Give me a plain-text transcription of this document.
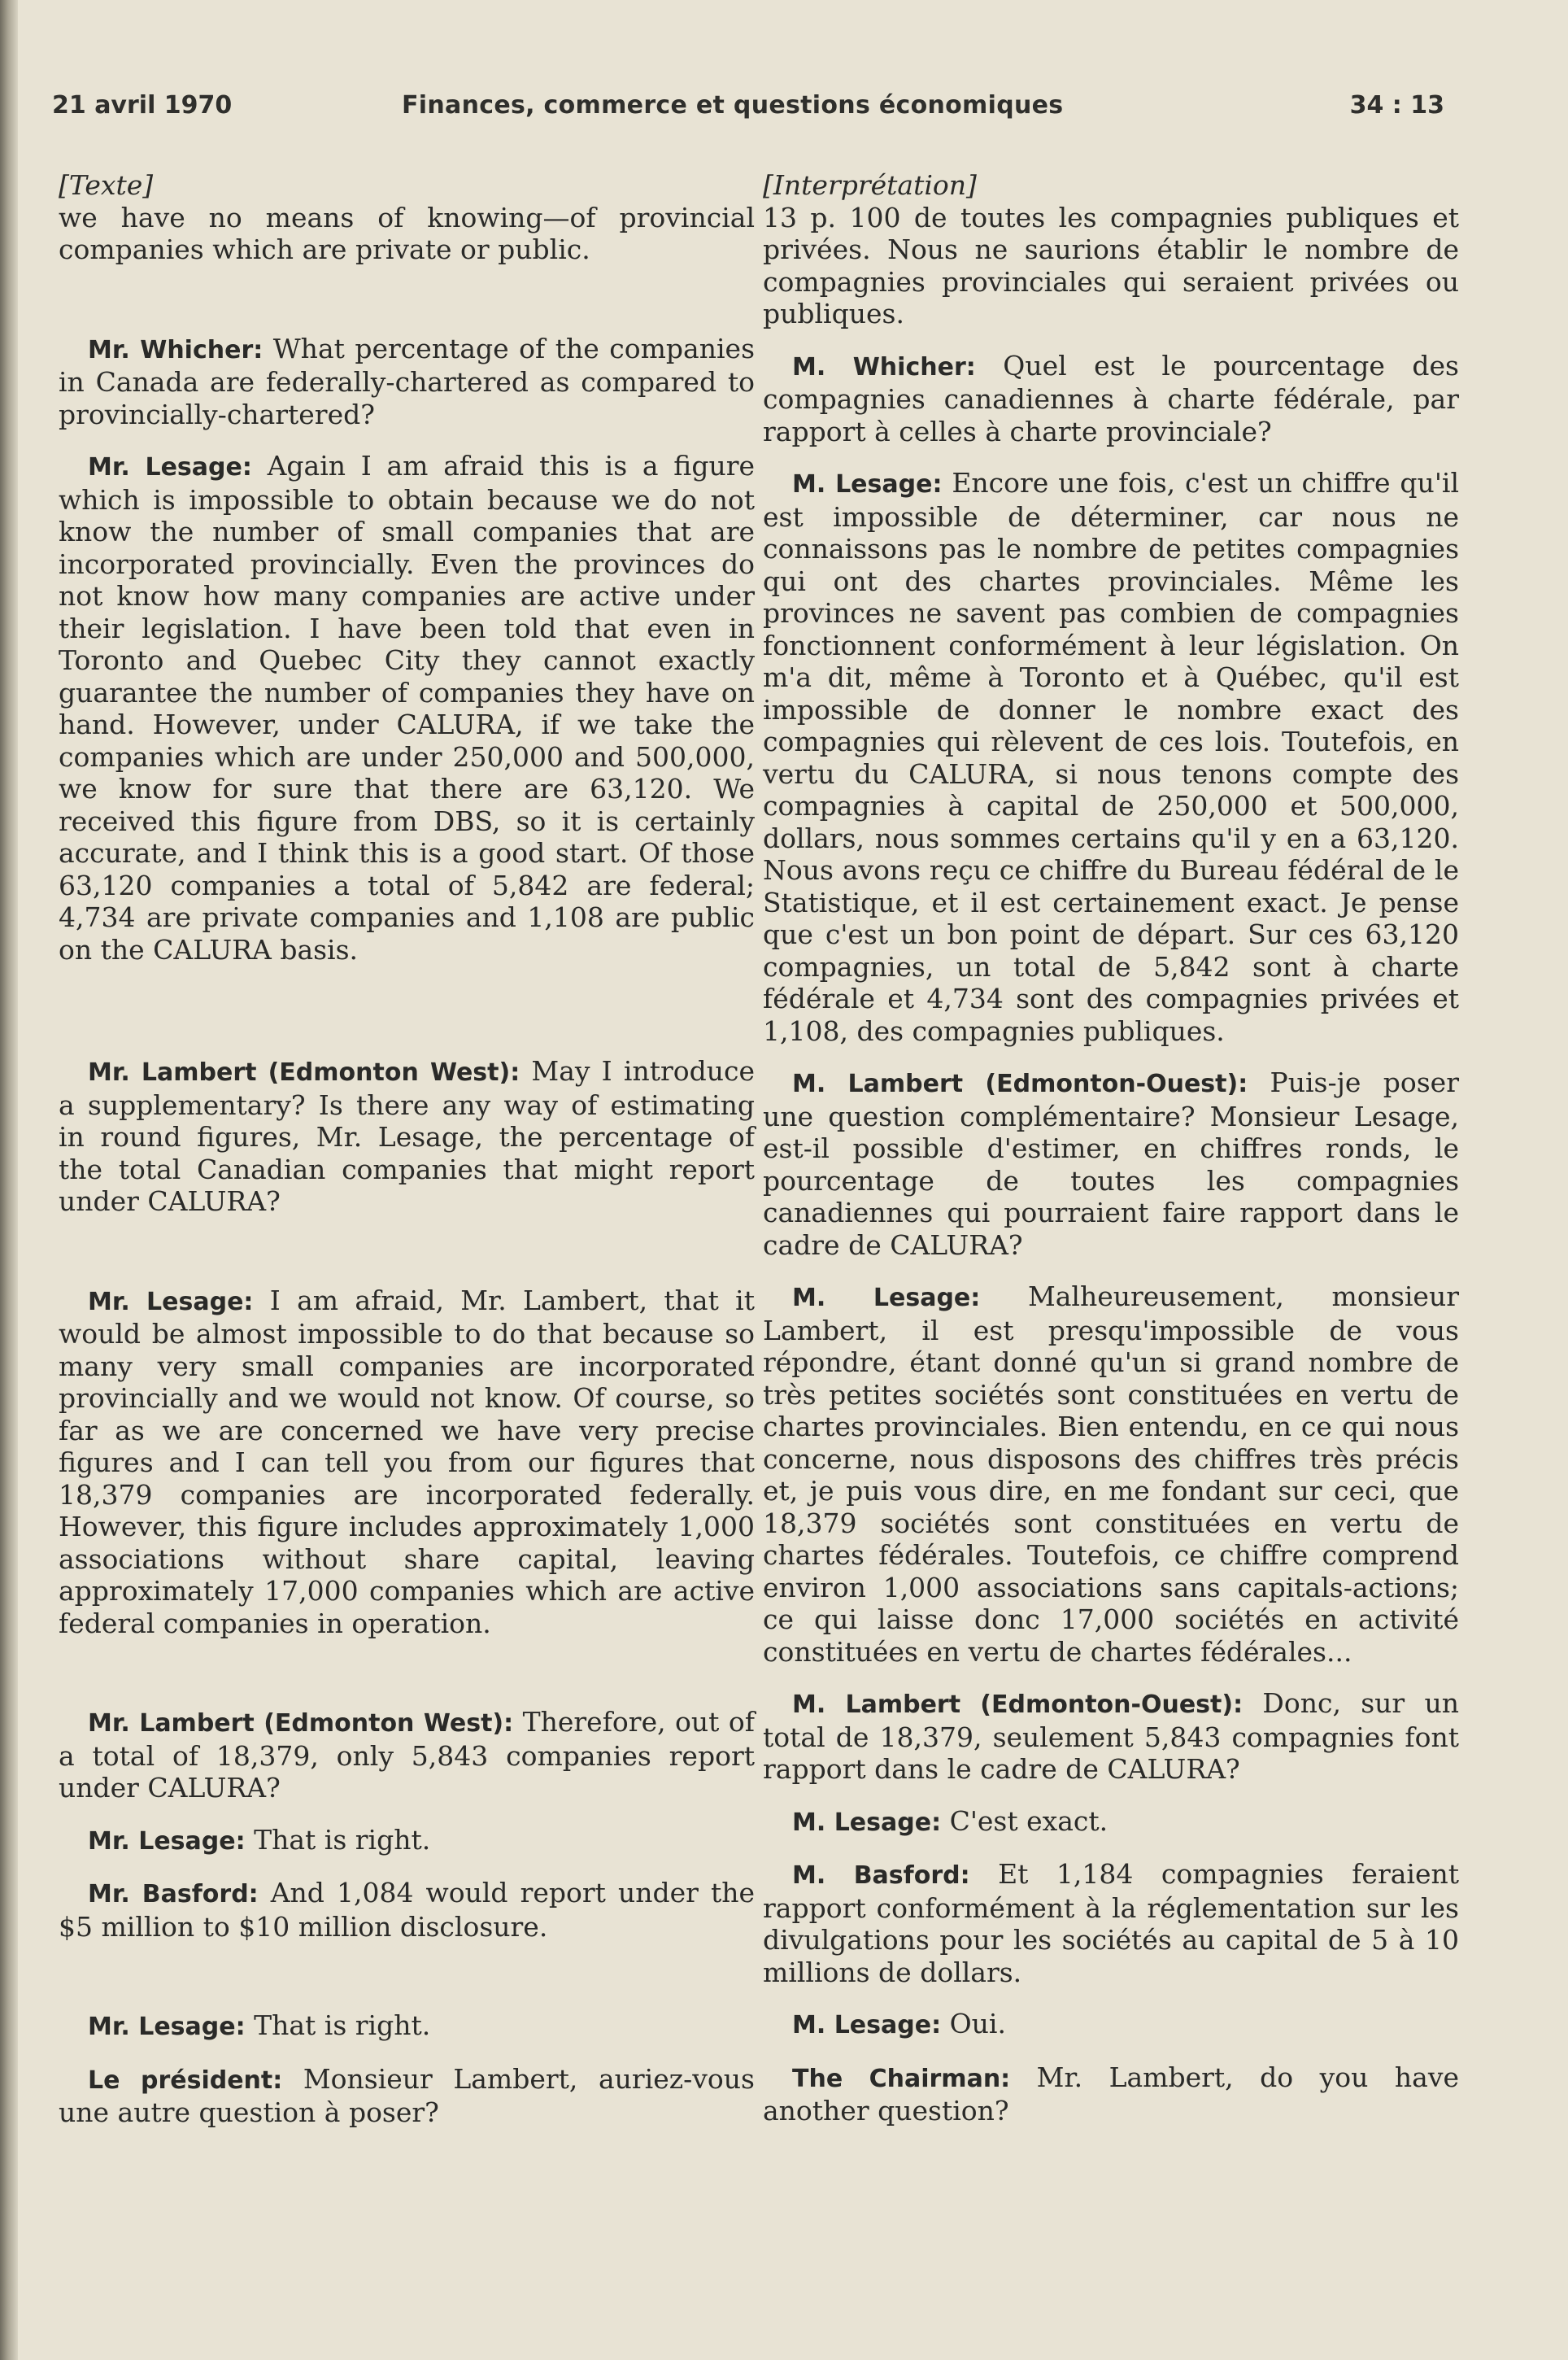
21 avril 1970	Finances, commerce et questions économiques	34 : 13

[Texte]

we have no means of knowing—of provincial companies which are private or public.

Mr. Whicher: What percentage of the companies in Canada are federally-chartered as compared to provincially-chartered?

Mr. Lesage: Again I am afraid this is a figure which is impossible to obtain because we do not know the number of small companies that are incorporated provincially. Even the provinces do not know how many companies are active under their legislation. I have been told that even in Toronto and Quebec City they cannot exactly guarantee the number of companies they have on hand. However, under CALURA, if we take the companies which are under 250,000 and 500,000, we know for sure that there are 63,120. We received this figure from DBS, so it is certainly accurate, and I think this is a good start. Of those 63,120 companies a total of 5,842 are federal; 4,734 are private companies and 1,108 are public on the CALURA basis.

Mr. Lambert (Edmonton West): May I introduce a supplementary? Is there any way of estimating in round figures, Mr. Lesage, the percentage of the total Canadian companies that might report under CALURA?

Mr. Lesage: I am afraid, Mr. Lambert, that it would be almost impossible to do that because so many very small companies are incorporated provincially and we would not know. Of course, so far as we are concerned we have very precise figures and I can tell you from our figures that 18,379 companies are incorporated federally. However, this figure includes approximately 1,000 associations without share capital, leaving approximately 17,000 companies which are active federal companies in operation.

Mr. Lambert (Edmonton West): Therefore, out of a total of 18,379, only 5,843 companies report under CALURA?

Mr. Lesage: That is right.

Mr. Basford: And 1,084 would report under the $5 million to $10 million disclosure.

Mr. Lesage: That is right.

Le président: Monsieur Lambert, auriez-vous une autre question à poser?

[Interprétation]

13 p. 100 de toutes les compagnies publiques et privées. Nous ne saurions établir le nombre de compagnies provinciales qui seraient privées ou publiques.

M. Whicher: Quel est le pourcentage des compagnies canadiennes à charte fédérale, par rapport à celles à charte provinciale?

M. Lesage: Encore une fois, c'est un chiffre qu'il est impossible de déterminer, car nous ne connaissons pas le nombre de petites compagnies qui ont des chartes provinciales. Même les provinces ne savent pas combien de compagnies fonctionnent conformément à leur législation. On m'a dit, même à Toronto et à Québec, qu'il est impossible de donner le nombre exact des compagnies qui rèlevent de ces lois. Toutefois, en vertu du CALURA, si nous tenons compte des compagnies à capital de 250,000 et 500,000, dollars, nous sommes certains qu'il y en a 63,120. Nous avons reçu ce chiffre du Bureau fédéral de le Statistique, et il est certainement exact. Je pense que c'est un bon point de départ. Sur ces 63,120 compagnies, un total de 5,842 sont à charte fédérale et 4,734 sont des compagnies privées et 1,108, des compagnies publiques.

M. Lambert (Edmonton-Ouest): Puis-je poser une question complémentaire? Monsieur Lesage, est-il possible d'estimer, en chiffres ronds, le pourcentage de toutes les compagnies canadiennes qui pourraient faire rapport dans le cadre de CALURA?

M. Lesage: Malheureusement, monsieur Lambert, il est presqu'impossible de vous répondre, étant donné qu'un si grand nombre de très petites sociétés sont constituées en vertu de chartes provinciales. Bien entendu, en ce qui nous concerne, nous disposons des chiffres très précis et, je puis vous dire, en me fondant sur ceci, que 18,379 sociétés sont constituées en vertu de chartes fédérales. Toutefois, ce chiffre comprend environ 1,000 associations sans capitals-actions; ce qui laisse donc 17,000 sociétés en activité constituées en vertu de chartes fédérales...

M. Lambert (Edmonton-Ouest): Donc, sur un total de 18,379, seulement 5,843 compagnies font rapport dans le cadre de CALURA?

M. Lesage: C'est exact.

M. Basford: Et 1,184 compagnies feraient rapport conformément à la réglementation sur les divulgations pour les sociétés au capital de 5 à 10 millions de dollars.

M. Lesage: Oui.

The Chairman: Mr. Lambert, do you have another question?
